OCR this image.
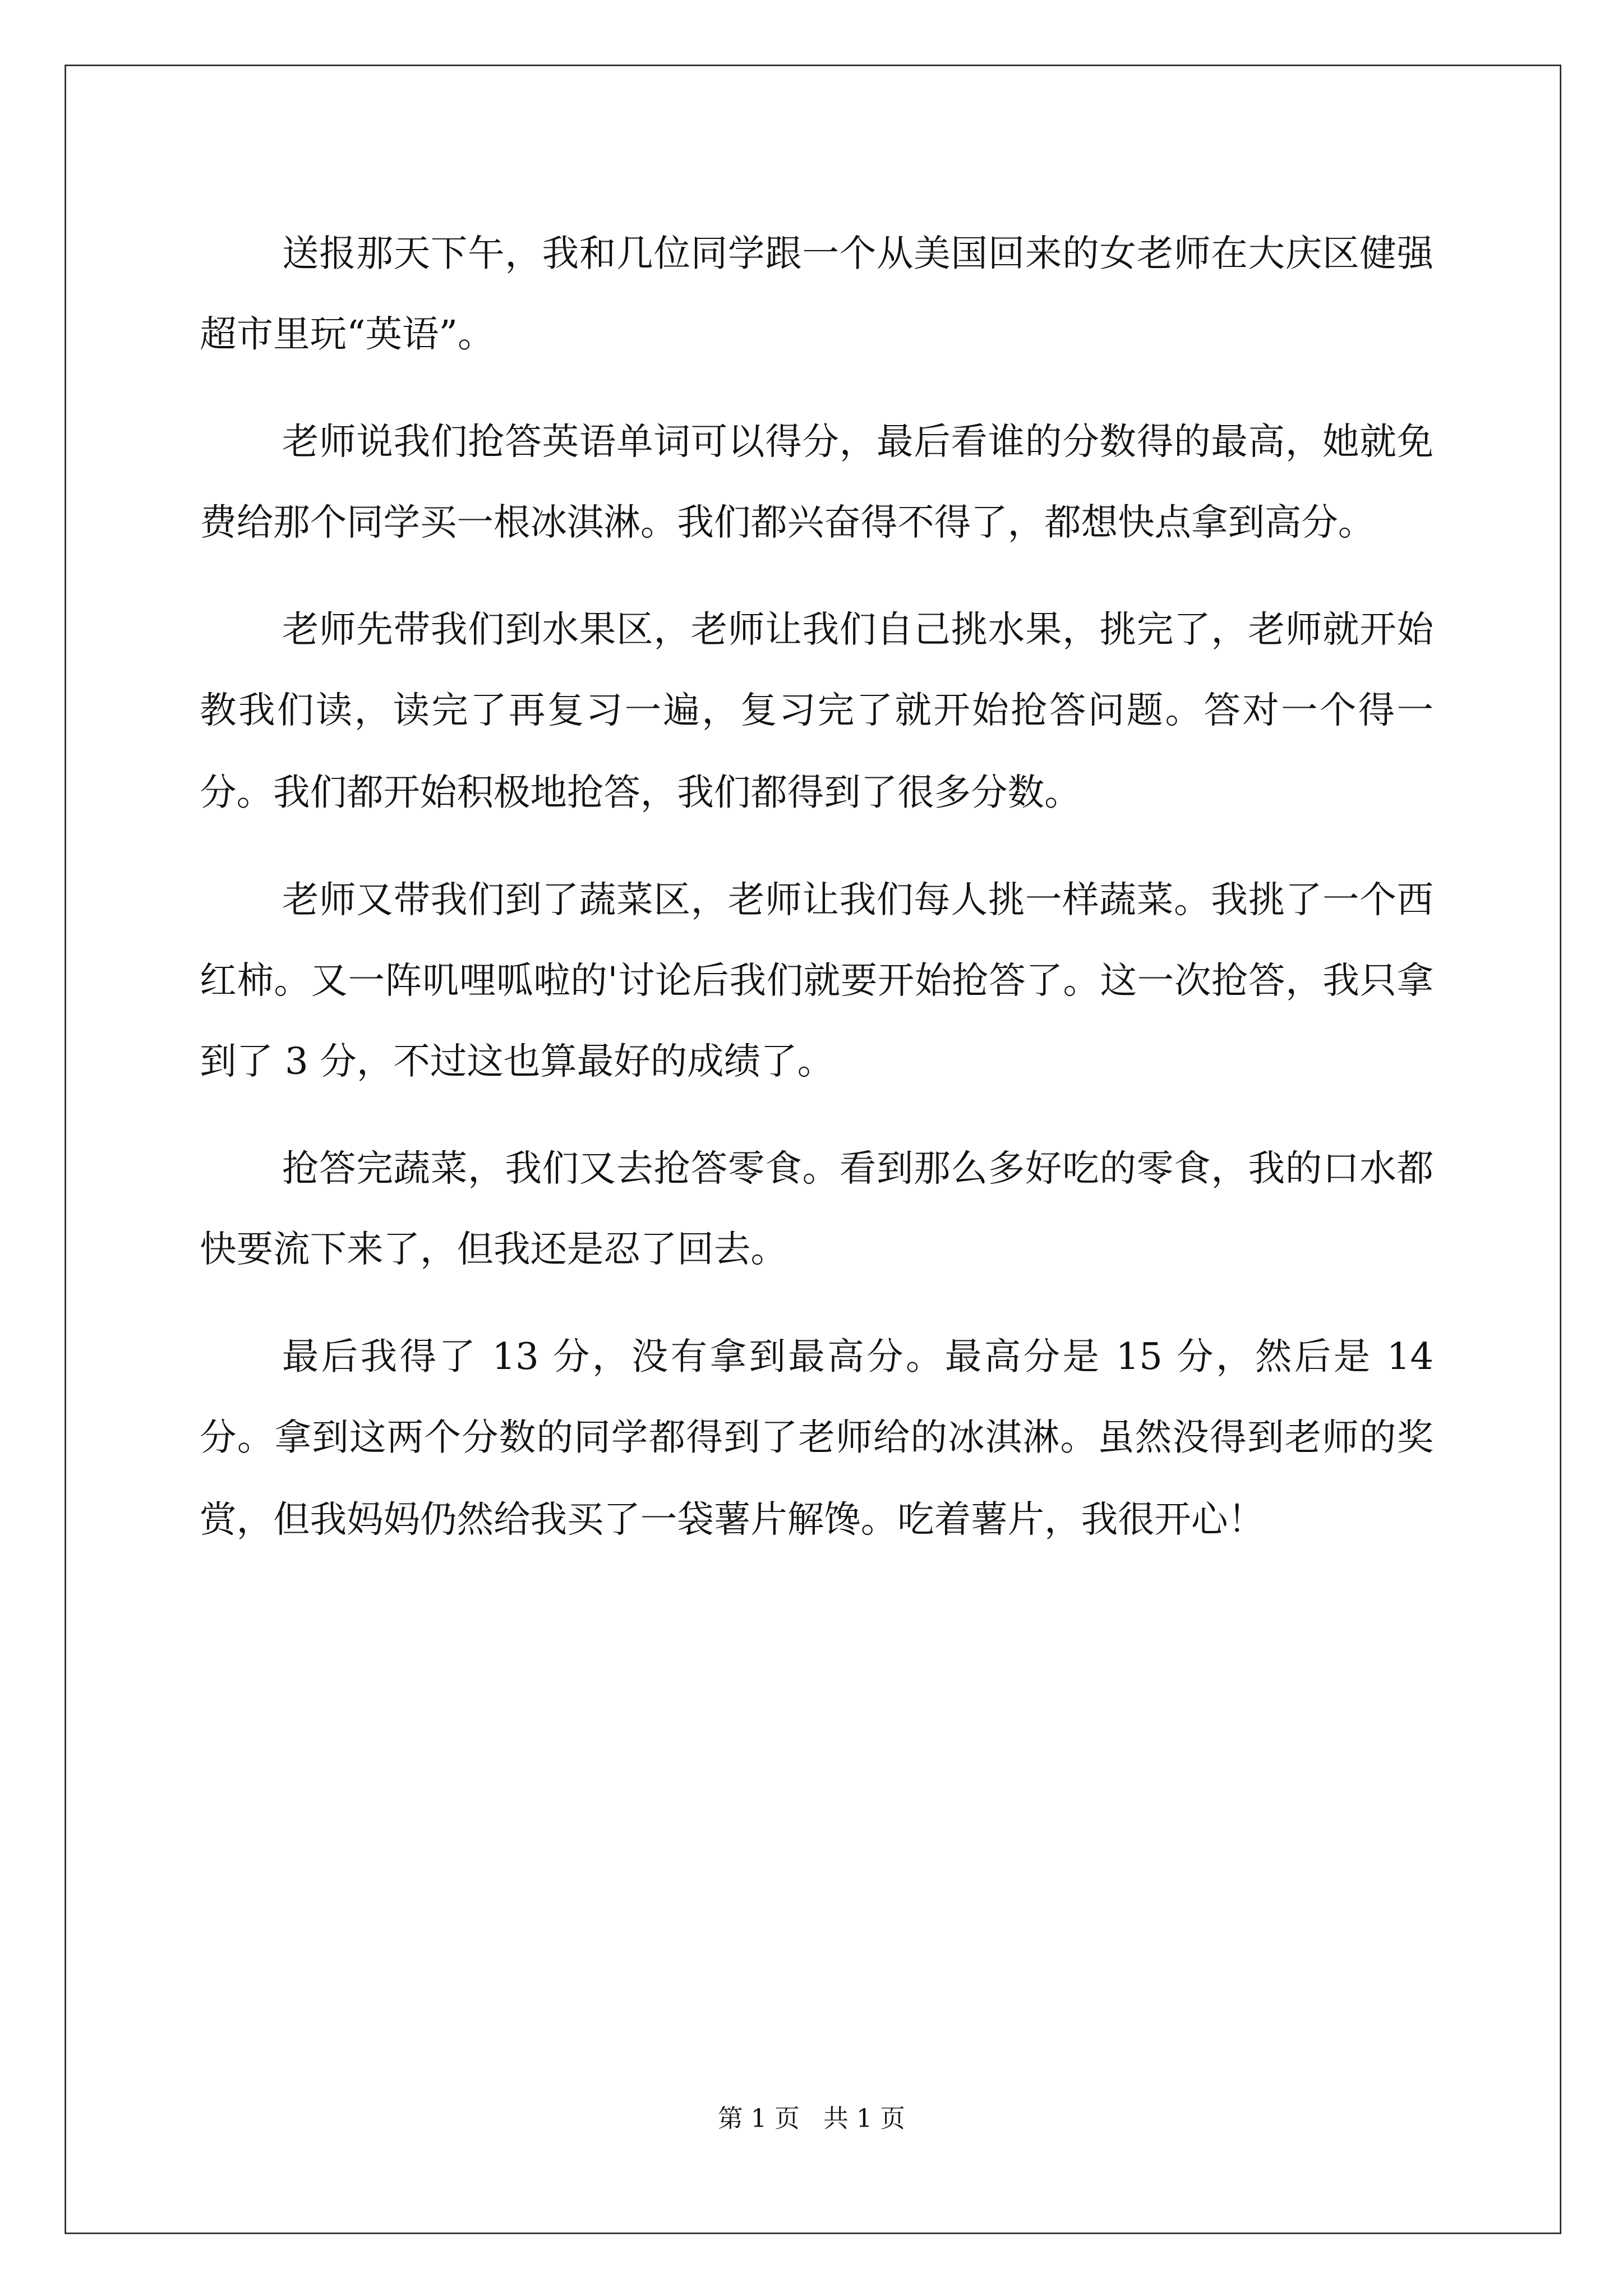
送报那天下午，我和几位同学跟一个从美国回来的女老师在大庆区健强超市里玩“英语”。

老师说我们抢答英语单词可以得分，最后看谁的分数得的最高，她就免费给那个同学买一根冰淇淋。我们都兴奋得不得了，都想快点拿到高分。

老师先带我们到水果区，老师让我们自己挑水果，挑完了，老师就开始教我们读，读完了再复习一遍，复习完了就开始抢答问题。答对一个得一分。我们都开始积极地抢答，我们都得到了很多分数。

老师又带我们到了蔬菜区，老师让我们每人挑一样蔬菜。我挑了一个西红柿。又一阵叽哩呱啦的'讨论后我们就要开始抢答了。这一次抢答，我只拿到了 3 分，不过这也算最好的成绩了。

抢答完蔬菜，我们又去抢答零食。看到那么多好吃的零食，我的口水都快要流下来了，但我还是忍了回去。

最后我得了 13 分，没有拿到最高分。最高分是 15 分，然后是 14 分。拿到这两个分数的同学都得到了老师给的冰淇淋。虽然没得到老师的奖赏，但我妈妈仍然给我买了一袋薯片解馋。吃着薯片，我很开心！

第 1 页 共 1 页
